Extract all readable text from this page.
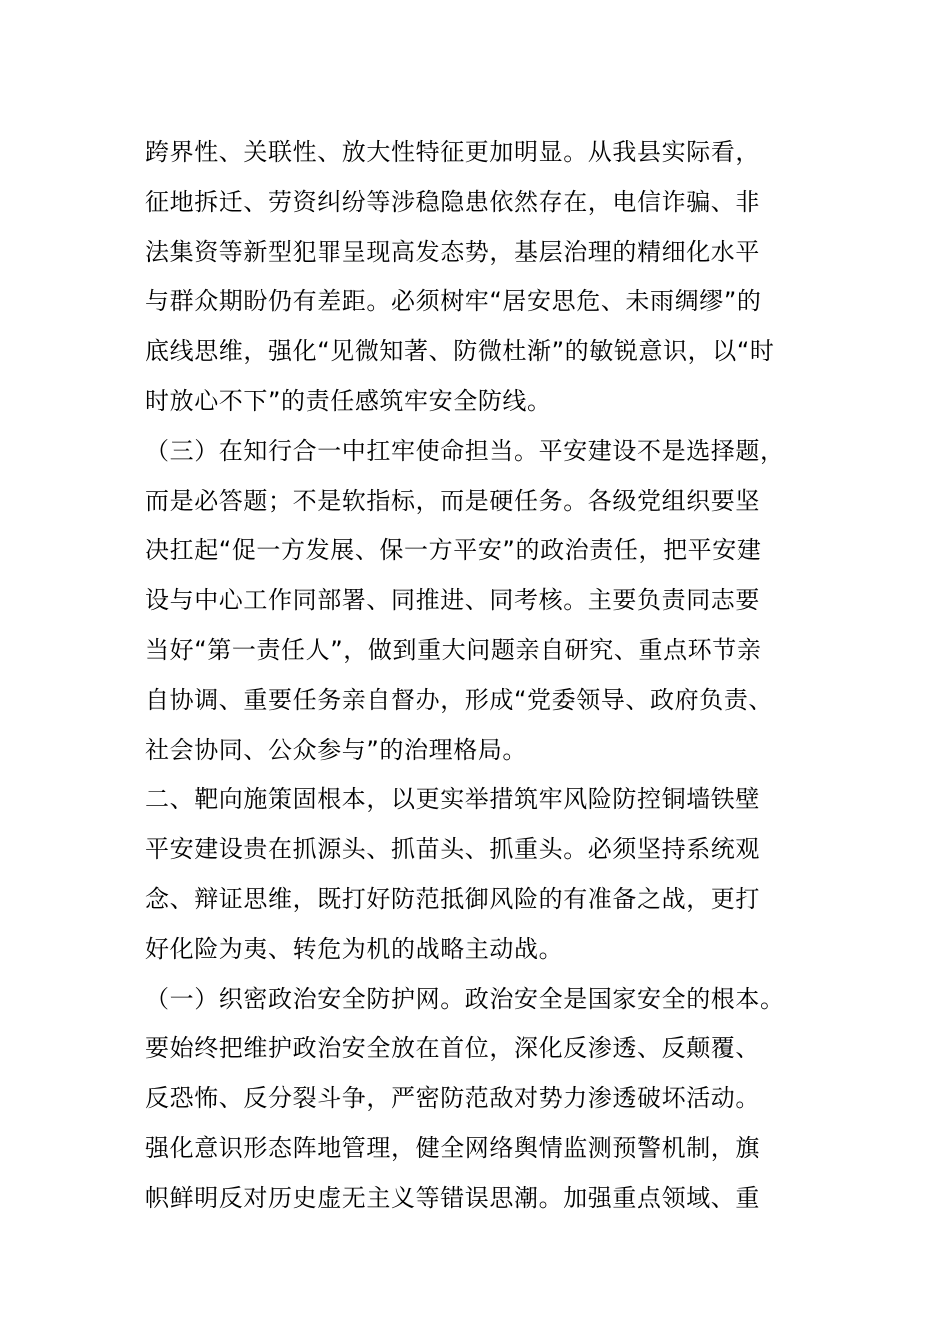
跨界性、关联性、放大性特征更加明显。从我县实际看，

征地拆迁、劳资纠纷等涉稳隐患依然存在，电信诈骗、非

法集资等新型犯罪呈现高发态势，基层治理的精细化水平

与群众期盼仍有差距。必须树牢“居安思危、未雨绸缪”的

底线思维，强化“见微知著、防微杜渐”的敏锐意识，以“时

时放心不下”的责任感筑牢安全防线。

（三）在知行合一中扛牢使命担当。平安建设不是选择题，

而是必答题；不是软指标，而是硬任务。各级党组织要坚

决扛起“促一方发展、保一方平安”的政治责任，把平安建

设与中心工作同部署、同推进、同考核。主要负责同志要

当好“第一责任人”，做到重大问题亲自研究、重点环节亲

自协调、重要任务亲自督办，形成“党委领导、政府负责、

社会协同、公众参与”的治理格局。

二、靶向施策固根本，以更实举措筑牢风险防控铜墙铁壁

平安建设贵在抓源头、抓苗头、抓重头。必须坚持系统观

念、辩证思维，既打好防范抵御风险的有准备之战，更打

好化险为夷、转危为机的战略主动战。

（一）织密政治安全防护网。政治安全是国家安全的根本。

要始终把维护政治安全放在首位，深化反渗透、反颠覆、

反恐怖、反分裂斗争，严密防范敌对势力渗透破坏活动。

强化意识形态阵地管理，健全网络舆情监测预警机制，旗

帜鲜明反对历史虚无主义等错误思潮。加强重点领域、重
